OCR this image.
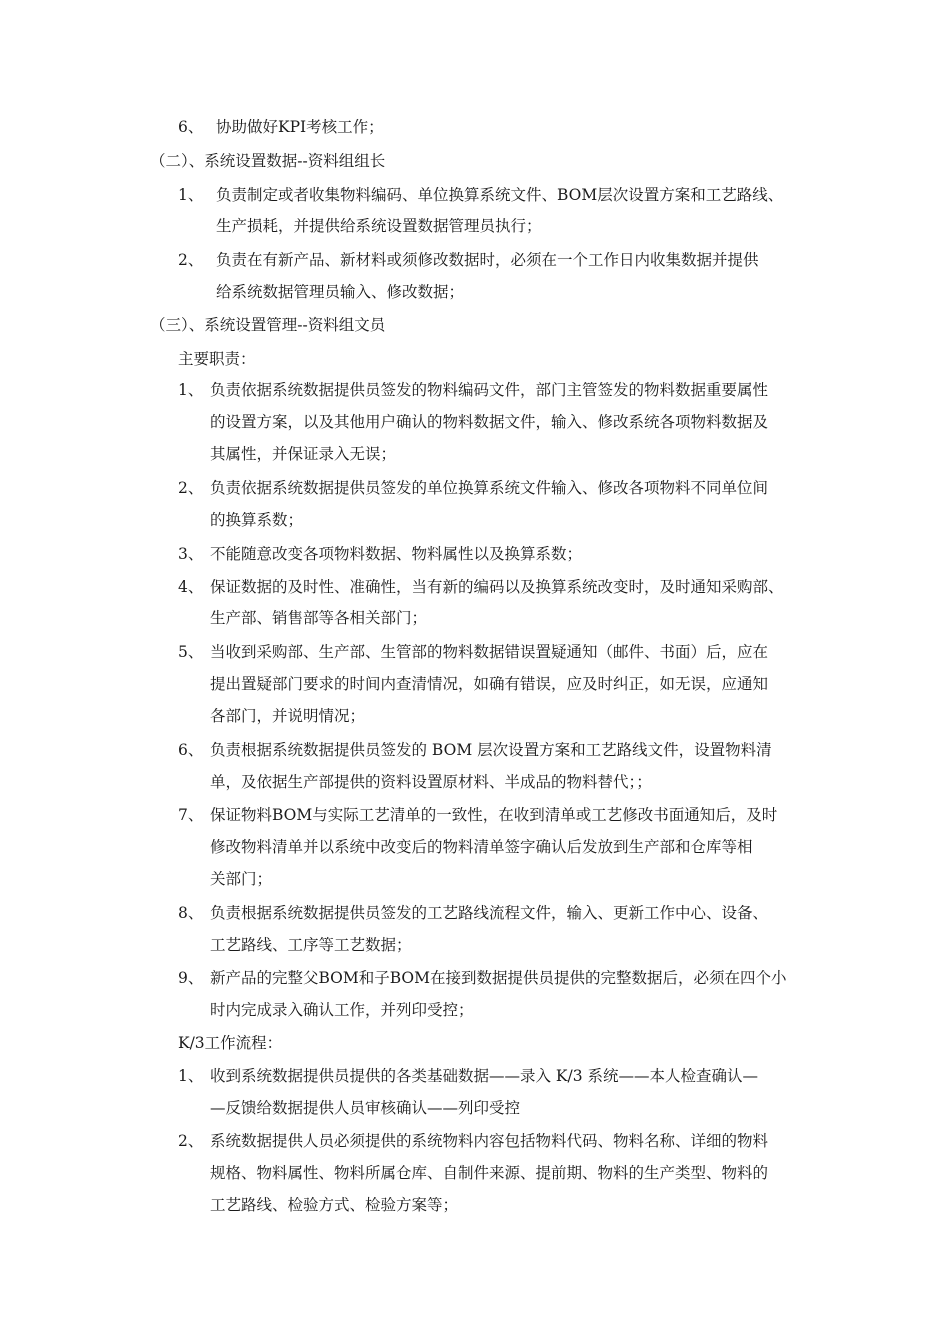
6、 协助做好KPI考核工作；
（二）、系统设置数据--资料组组长
1、 负责制定或者收集物料编码、单位换算系统文件、BOM层次设置方案和工艺路线、
生产损耗，并提供给系统设置数据管理员执行；
2、 负责在有新产品、新材料或须修改数据时，必须在一个工作日内收集数据并提供
给系统数据管理员输入、修改数据；
（三）、系统设置管理--资料组文员
主要职责：
1、 负责依据系统数据提供员签发的物料编码文件，部门主管签发的物料数据重要属性
的设置方案，以及其他用户确认的物料数据文件，输入、修改系统各项物料数据及
其属性，并保证录入无误；
2、 负责依据系统数据提供员签发的单位换算系统文件输入、修改各项物料不同单位间
的换算系数；
3、 不能随意改变各项物料数据、物料属性以及换算系数；
4、 保证数据的及时性、准确性，当有新的编码以及换算系统改变时，及时通知采购部、
生产部、销售部等各相关部门；
5、 当收到采购部、生产部、生管部的物料数据错误置疑通知（邮件、书面）后，应在
提出置疑部门要求的时间内查清情况，如确有错误，应及时纠正，如无误，应通知
各部门，并说明情况；
6、 负责根据系统数据提供员签发的 BOM 层次设置方案和工艺路线文件，设置物料清
单，及依据生产部提供的资料设置原材料、半成品的物料替代；；
7、 保证物料BOM与实际工艺清单的一致性，在收到清单或工艺修改书面通知后，及时
修改物料清单并以系统中改变后的物料清单签字确认后发放到生产部和仓库等相
关部门；
8、 负责根据系统数据提供员签发的工艺路线流程文件，输入、更新工作中心、设备、
工艺路线、工序等工艺数据；
9、 新产品的完整父BOM和子BOM在接到数据提供员提供的完整数据后，必须在四个小
时内完成录入确认工作，并列印受控；
K/3工作流程：
1、 收到系统数据提供员提供的各类基础数据——录入 K/3 系统——本人检查确认—
—反馈给数据提供人员审核确认——列印受控
2、 系统数据提供人员必须提供的系统物料内容包括物料代码、物料名称、详细的物料
规格、物料属性、物料所属仓库、自制件来源、提前期、物料的生产类型、物料的
工艺路线、检验方式、检验方案等；
